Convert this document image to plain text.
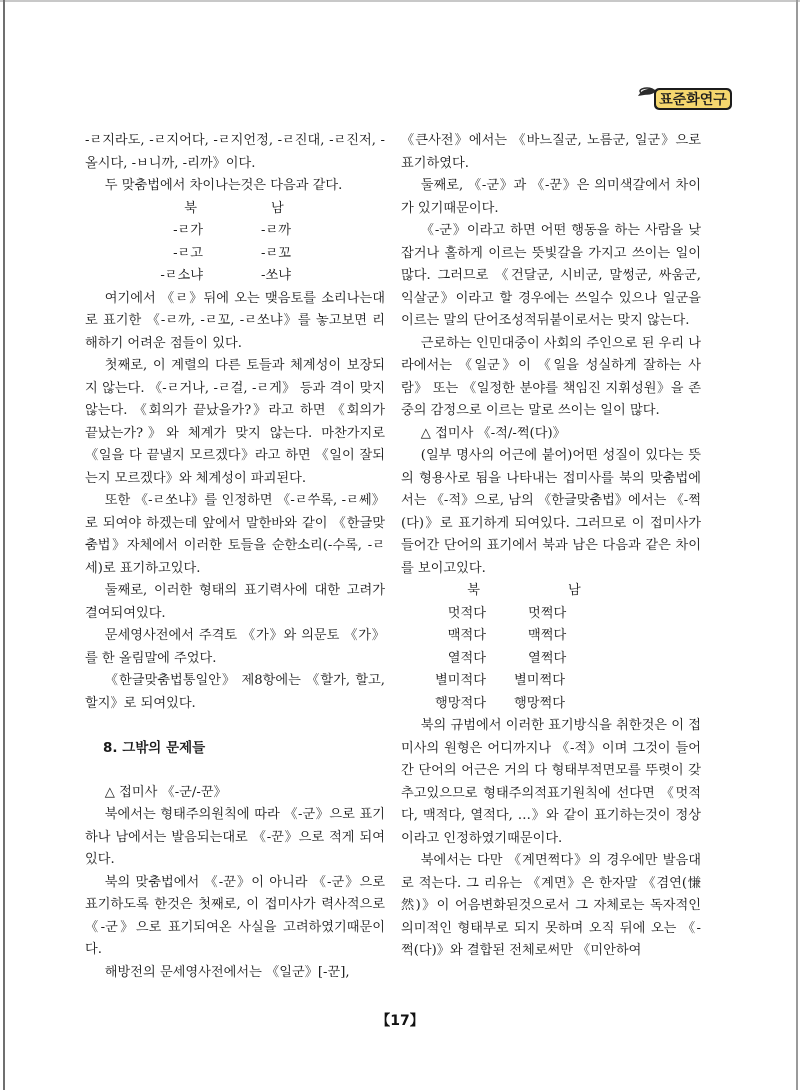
표준화연구
-ㄹ지라도, -ㄹ지어다, -ㄹ지언정, -ㄹ진대, -ㄹ진저, -올시다, -ㅂ니까, -리까》이다.
두 맞춤법에서 차이나는것은 다음과 같다.
북	남
-ㄹ가	-ㄹ까
-ㄹ고	-ㄹ꼬
-ㄹ소냐	-쏘냐
여기에서 《ㄹ》뒤에 오는 맺음토를 소리나는대로 표기한 《-ㄹ까, -ㄹ꼬, -ㄹ쏘냐》를 놓고보면 리해하기 어려운 점들이 있다.
첫째로, 이 계렬의 다른 토들과 체계성이 보장되지 않는다. 《-ㄹ거나, -ㄹ걸, -ㄹ게》 등과 격이 맞지 않는다. 《회의가 끝났을가?》라고 하면 《회의가 끝났는가?》와 체계가 맞지 않는다. 마찬가지로 《일을 다 끝낼지 모르겠다》라고 하면 《일이 잘되는지 모르겠다》와 체계성이 파괴된다.
또한 《-ㄹ쏘냐》를 인정하면 《-ㄹ쑤록, -ㄹ쎄》로 되여야 하겠는데 앞에서 말한바와 같이 《한글맞춤법》자체에서 이러한 토들을 순한소리(-수록, -ㄹ세)로 표기하고있다.
둘째로, 이러한 형태의 표기력사에 대한 고려가 결여되여있다.
문세영사전에서 주격토 《가》와 의문토 《가》를 한 올림말에 주었다.
《한글맞춤법통일안》 제8항에는 《할가, 할고, 할지》로 되여있다.
8. 그밖의 문제들
△ 접미사 《-군/-꾼》
북에서는 형태주의원칙에 따라 《-군》으로 표기하나 남에서는 발음되는대로 《-꾼》으로 적게 되여있다.
북의 맞춤법에서 《-꾼》이 아니라 《-군》으로 표기하도록 한것은 첫째로, 이 접미사가 력사적으로 《-군》으로 표기되여온 사실을 고려하였기때문이다.
해방전의 문세영사전에서는 《일군》[-꾼],
《큰사전》에서는 《바느질군, 노름군, 일군》으로 표기하였다.
둘째로, 《-군》과 《-꾼》은 의미색갈에서 차이가 있기때문이다.
《-군》이라고 하면 어떤 행동을 하는 사람을 낮잡거나 홀하게 이르는 뜻빛갈을 가지고 쓰이는 일이 많다. 그러므로 《건달군, 시비군, 말썽군, 싸움군, 익살군》이라고 할 경우에는 쓰일수 있으나 일군을 이르는 말의 단어조성적뒤붙이로서는 맞지 않는다.
근로하는 인민대중이 사회의 주인으로 된 우리 나라에서는 《일군》이 《일을 성실하게 잘하는 사람》 또는 《일정한 분야를 책임진 지휘성원》을 존중의 감정으로 이르는 말로 쓰이는 일이 많다.
△ 접미사 《-적/-쩍(다)》
(일부 명사의 어근에 붙어)어떤 성질이 있다는 뜻의 형용사로 됨을 나타내는 접미사를 북의 맞춤법에서는 《-적》으로, 남의 《한글맞춤법》에서는 《-쩍(다)》로 표기하게 되여있다. 그러므로 이 접미사가 들어간 단어의 표기에서 북과 남은 다음과 같은 차이를 보이고있다.
북	남
멋적다	멋쩍다
맥적다	맥쩍다
열적다	열쩍다
별미적다	별미쩍다
행망적다	행망쩍다
북의 규범에서 이러한 표기방식을 취한것은 이 접미사의 원형은 어디까지나 《-적》이며 그것이 들어간 단어의 어근은 거의 다 형태부적면모를 뚜렷이 갖추고있으므로 형태주의적표기원칙에 선다면 《멋적다, 맥적다, 열적다, …》와 같이 표기하는것이 정상이라고 인정하였기때문이다.
북에서는 다만 《계면쩍다》의 경우에만 발음대로 적는다. 그 리유는 《계면》은 한자말 《겸연(慊然)》이 어음변화된것으로서 그 자체로는 독자적인 의미적인 형태부로 되지 못하며 오직 뒤에 오는 《-쩍(다)》와 결합된 전체로써만 《미안하여
【17】
